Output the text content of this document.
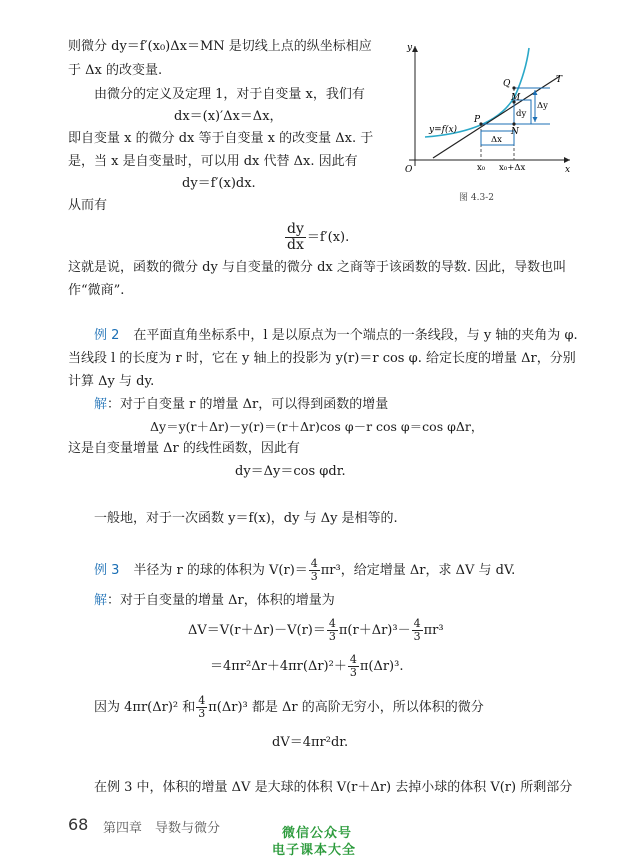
则微分 dy＝f′(x₀)Δx＝MN 是切线上点的纵坐标相应
于 Δx 的改变量.
由微分的定义及定理 1，对于自变量 x，我们有
dx＝(x)′Δx＝Δx，
即自变量 x 的微分 dx 等于自变量 x 的改变量 Δx. 于
是，当 x 是自变量时，可以用 dx 代替 Δx. 因此有
dy＝f′(x)dx.
从而有
$\frac{dy}{dx} =f'(x)$.
这就是说，函数的微分 dy 与自变量的微分 dx 之商等于该函数的导数. 因此，导数也叫
作“微商”.
y
x
O
y=f(x)
T
Q
M
P
N
dy
Δy
Δx
x₀ x₀+Δx
图 4.3-2
例 2 在平面直角坐标系中，l 是以原点为一个端点的一条线段，与 y 轴的夹角为 φ.
当线段 l 的长度为 r 时，它在 y 轴上的投影为 y(r)＝r cos φ. 给定长度的增量 Δr，分别
计算 Δy 与 dy.
解：对于自变量 r 的增量 Δr，可以得到函数的增量
Δy＝y(r＋Δr)－y(r)＝(r＋Δr)cos φ－r cos φ＝cos φΔr，
这是自变量增量 Δr 的线性函数，因此有
dy＝Δy＝cos φdr.
一般地，对于一次函数 y＝f(x)，dy 与 Δy 是相等的.
例 3 半径为 r 的球的体积为 $V(r)= \frac{4}{3} \pi r^3$，给定增量 Δr，求 ΔV 与 dV.
解：对于自变量的增量 Δr，体积的增量为
$\Delta V=V(r+\Delta r)-V(r)= \frac{4}{3} \pi(r+\Delta r)^3- \frac{4}{3} \pi r^3$
$=4\pi r^2\Delta r+4\pi r(\Delta r)^2+ \frac{4}{3} \pi(\Delta r)^3$.
因为 4πr(Δr)² 和 $\frac{4}{3} \pi(\Delta r)^3$ 都是 Δr 的高阶无穷小，所以体积的微分
dV＝4πr²dr.
在例 3 中，体积的增量 ΔV 是大球的体积 V(r＋Δr) 去掉小球的体积 V(r) 所剩部分
68 第四章　导数与微分	微信公众号
电子课本大全
